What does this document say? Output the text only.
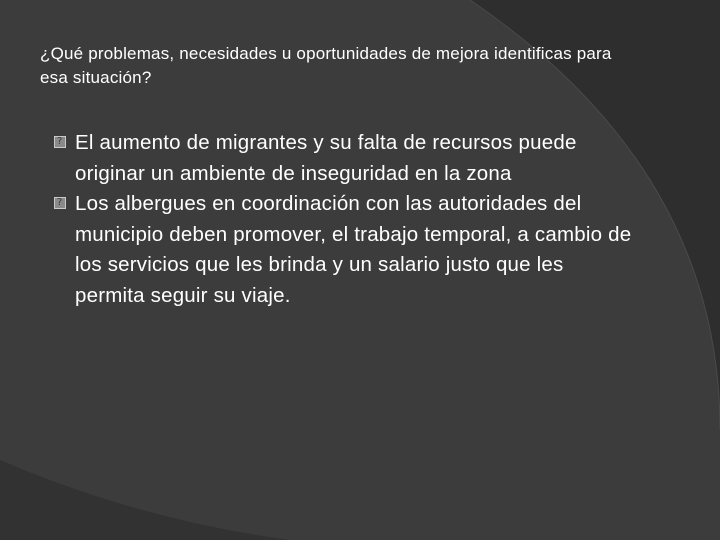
¿Qué problemas, necesidades u oportunidades de mejora identificas para esa situación?
?
El aumento de migrantes y su falta de recursos puede originar un ambiente de inseguridad en la zona
?
Los albergues en coordinación con las autoridades del municipio deben promover, el trabajo temporal, a cambio de los servicios que les brinda y un salario justo que les permita seguir su viaje.
